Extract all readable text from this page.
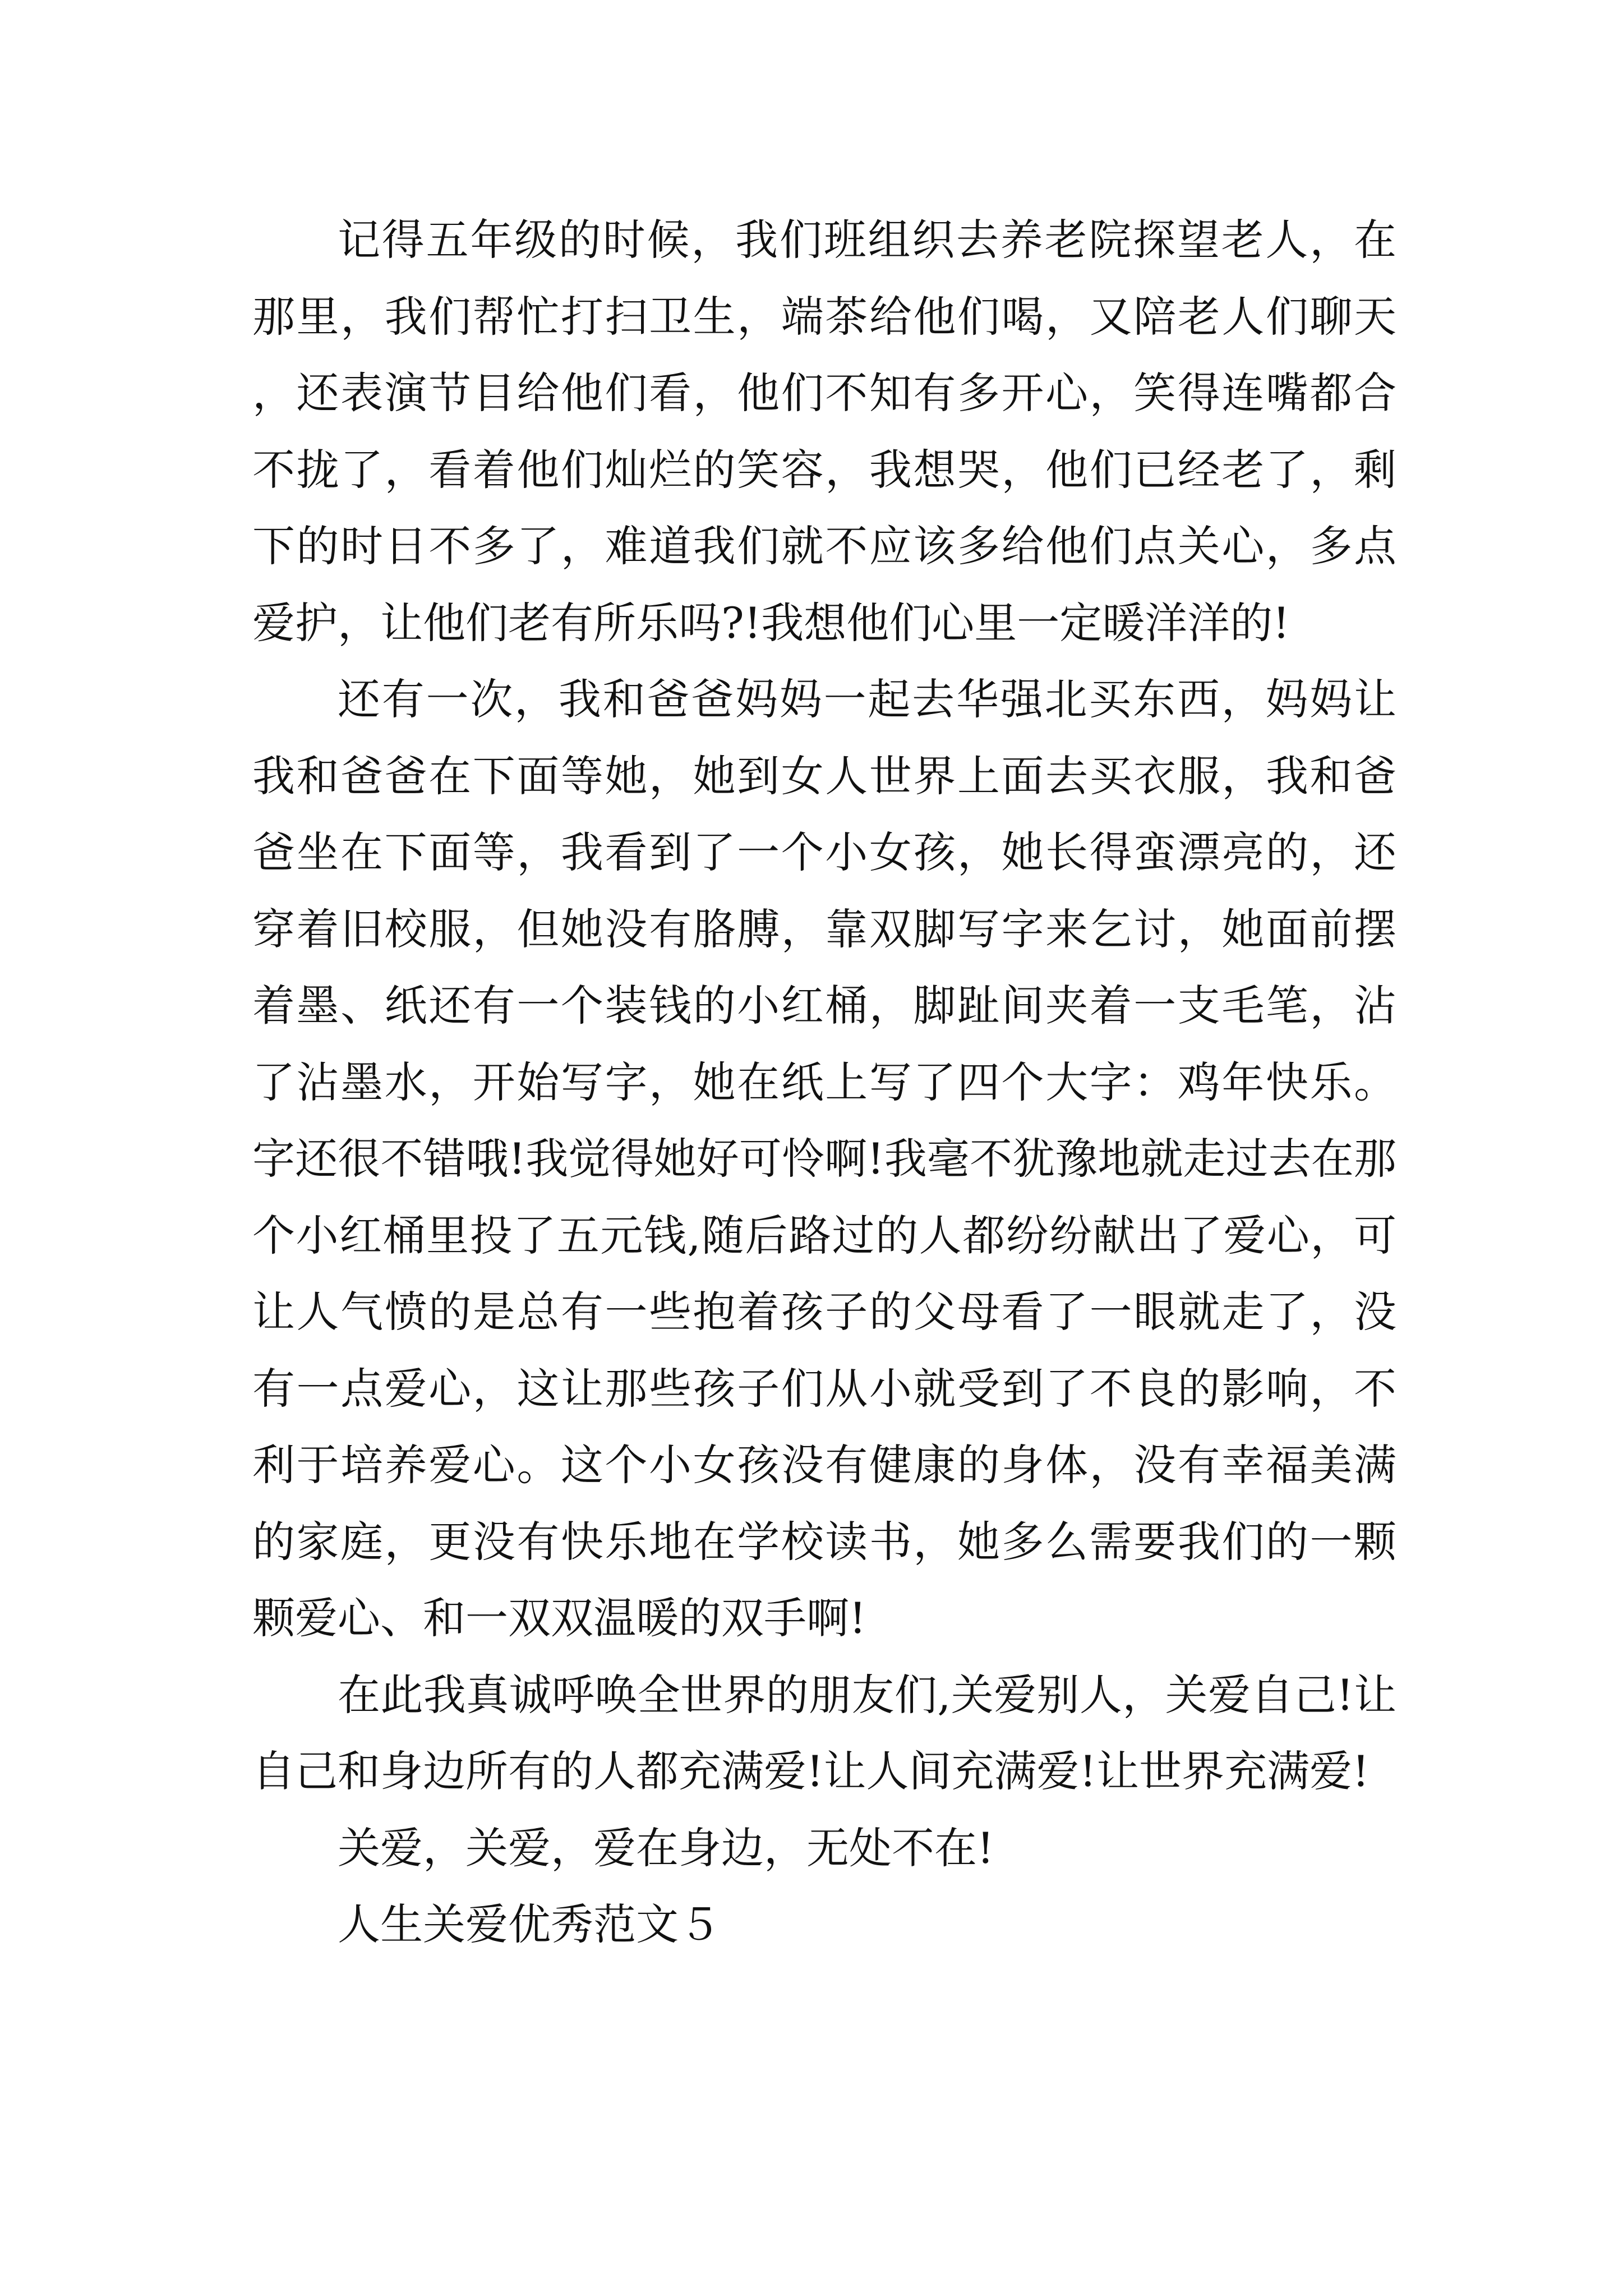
记得五年级的时候，我们班组织去养老院探望老人，在那里，我们帮忙打扫卫生，端茶给他们喝，又陪老人们聊天，还表演节目给他们看，他们不知有多开心，笑得连嘴都合不拢了，看着他们灿烂的笑容，我想哭，他们已经老了，剩下的时日不多了，难道我们就不应该多给他们点关心，多点爱护，让他们老有所乐吗?!我想他们心里一定暖洋洋的!

还有一次，我和爸爸妈妈一起去华强北买东西，妈妈让我和爸爸在下面等她，她到女人世界上面去买衣服，我和爸爸坐在下面等，我看到了一个小女孩，她长得蛮漂亮的，还穿着旧校服，但她没有胳膊，靠双脚写字来乞讨，她面前摆着墨、纸还有一个装钱的小红桶，脚趾间夹着一支毛笔，沾了沾墨水，开始写字，她在纸上写了四个大字：鸡年快乐。字还很不错哦!我觉得她好可怜啊!我毫不犹豫地就走过去在那个小红桶里投了五元钱,随后路过的人都纷纷献出了爱心，可让人气愤的是总有一些抱着孩子的父母看了一眼就走了，没有一点爱心，这让那些孩子们从小就受到了不良的影响，不利于培养爱心。这个小女孩没有健康的身体，没有幸福美满的家庭，更没有快乐地在学校读书，她多么需要我们的一颗颗爱心、和一双双温暖的双手啊!

在此我真诚呼唤全世界的朋友们,关爱别人，关爱自己!让自己和身边所有的人都充满爱!让人间充满爱!让世界充满爱!

关爱，关爱，爱在身边，无处不在!

人生关爱优秀范文５
